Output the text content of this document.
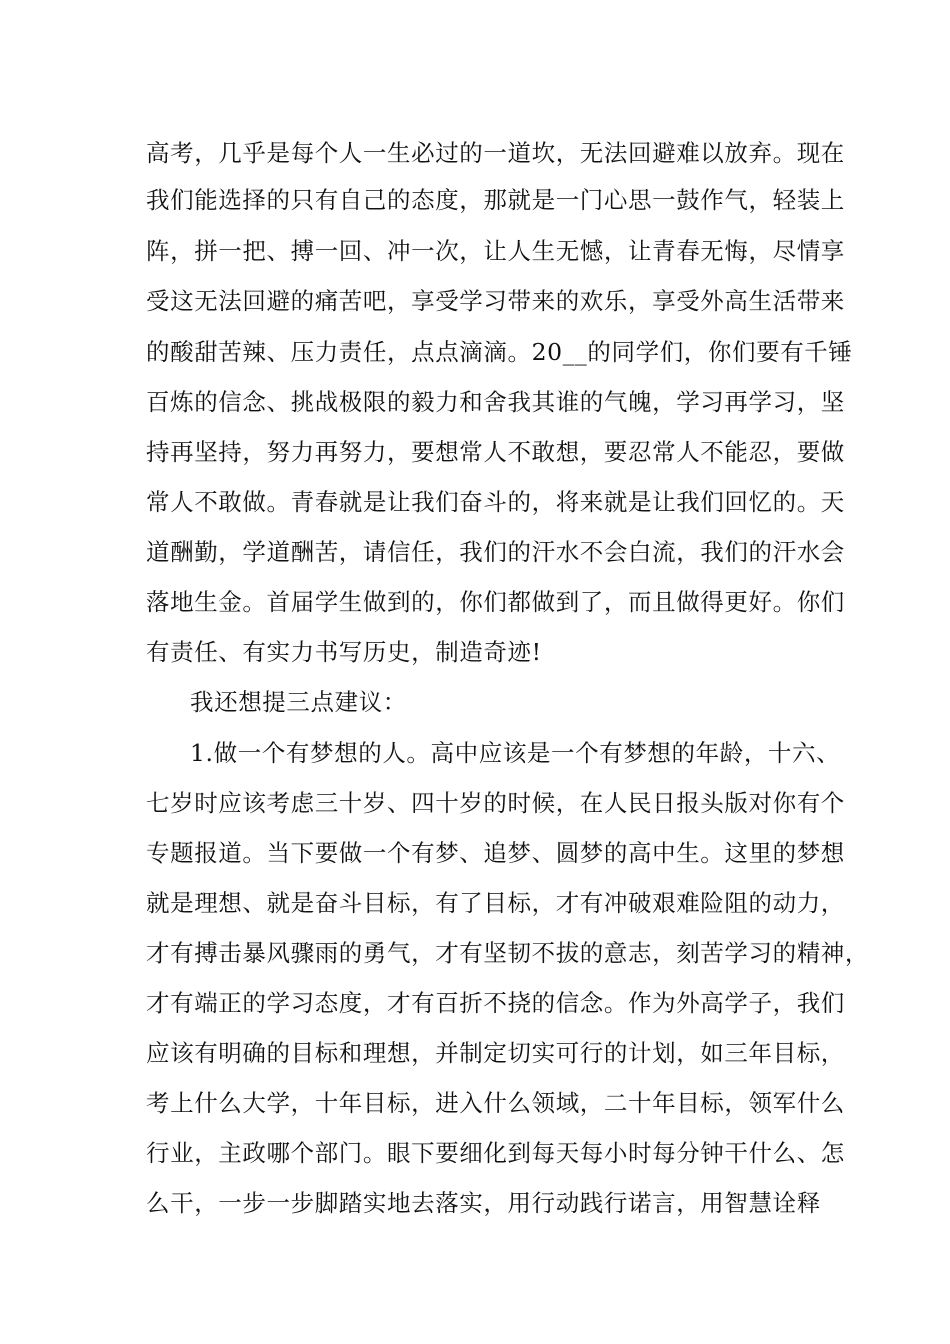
高考，几乎是每个人一生必过的一道坎，无法回避难以放弃。现在
我们能选择的只有自己的态度，那就是一门心思一鼓作气，轻装上
阵，拼一把、搏一回、冲一次，让人生无憾，让青春无悔，尽情享
受这无法回避的痛苦吧，享受学习带来的欢乐，享受外高生活带来
的酸甜苦辣、压力责任，点点滴滴。20__的同学们，你们要有千锤
百炼的信念、挑战极限的毅力和舍我其谁的气魄，学习再学习，坚
持再坚持，努力再努力，要想常人不敢想，要忍常人不能忍，要做
常人不敢做。青春就是让我们奋斗的，将来就是让我们回忆的。天
道酬勤，学道酬苦，请信任，我们的汗水不会白流，我们的汗水会
落地生金。首届学生做到的，你们都做到了，而且做得更好。你们
有责任、有实力书写历史，制造奇迹!
我还想提三点建议：
1.做一个有梦想的人。高中应该是一个有梦想的年龄，十六、
七岁时应该考虑三十岁、四十岁的时候，在人民日报头版对你有个
专题报道。当下要做一个有梦、追梦、圆梦的高中生。这里的梦想
就是理想、就是奋斗目标，有了目标，才有冲破艰难险阻的动力，
才有搏击暴风骤雨的勇气，才有坚韧不拔的意志，刻苦学习的精神，
才有端正的学习态度，才有百折不挠的信念。作为外高学子，我们
应该有明确的目标和理想，并制定切实可行的计划，如三年目标，
考上什么大学，十年目标，进入什么领域，二十年目标，领军什么
行业，主政哪个部门。眼下要细化到每天每小时每分钟干什么、怎
么干，一步一步脚踏实地去落实，用行动践行诺言，用智慧诠释
